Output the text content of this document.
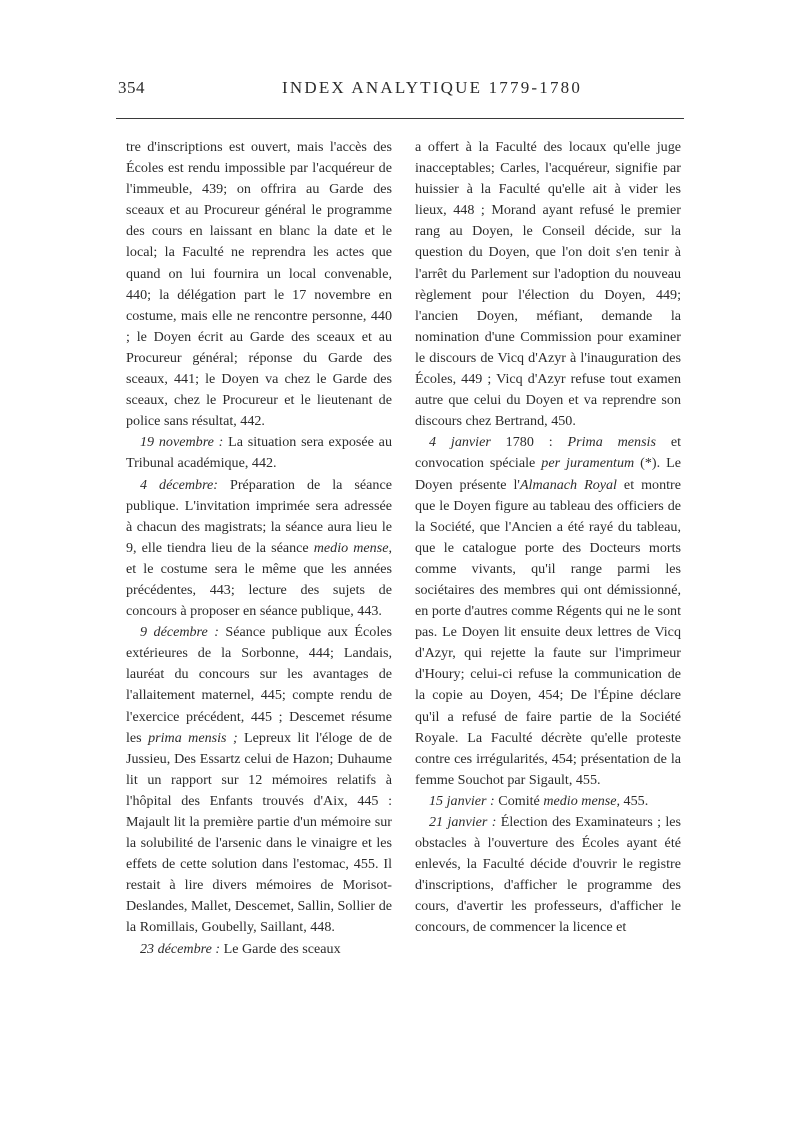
354	INDEX ANALYTIQUE 1779-1780

tre d'inscriptions est ouvert, mais l'accès des Écoles est rendu impossible par l'acquéreur de l'immeuble, 439; on offrira au Garde des sceaux et au Procureur général le programme des cours en laissant en blanc la date et le local; la Faculté ne reprendra les actes que quand on lui fournira un local convenable, 440; la délégation part le 17 novembre en costume, mais elle ne rencontre personne, 440 ; le Doyen écrit au Garde des sceaux et au Procureur général; réponse du Garde des sceaux, 441; le Doyen va chez le Garde des sceaux, chez le Procureur et le lieutenant de police sans résultat, 442.

19 novembre : La situation sera exposée au Tribunal académique, 442.

4 décembre: Préparation de la séance publique. L'invitation imprimée sera adressée à chacun des magistrats; la séance aura lieu le 9, elle tiendra lieu de la séance medio mense, et le costume sera le même que les années précédentes, 443; lecture des sujets de concours à proposer en séance publique, 443.

9 décembre : Séance publique aux Écoles extérieures de la Sorbonne, 444; Landais, lauréat du concours sur les avantages de l'allaitement maternel, 445; compte rendu de l'exercice précédent, 445 ; Descemet résume les prima mensis ; Lepreux lit l'éloge de de Jussieu, Des Essartz celui de Hazon; Duhaume lit un rapport sur 12 mémoires relatifs à l'hôpital des Enfants trouvés d'Aix, 445 : Majault lit la première partie d'un mémoire sur la solubilité de l'arsenic dans le vinaigre et les effets de cette solution dans l'estomac, 455. Il restait à lire divers mémoires de Morisot-Deslandes, Mallet, Descemet, Sallin, Sollier de la Romillais, Goubelly, Saillant, 448.

23 décembre : Le Garde des sceaux

a offert à la Faculté des locaux qu'elle juge inacceptables; Carles, l'acquéreur, signifie par huissier à la Faculté qu'elle ait à vider les lieux, 448 ; Morand ayant refusé le premier rang au Doyen, le Conseil décide, sur la question du Doyen, que l'on doit s'en tenir à l'arrêt du Parlement sur l'adoption du nouveau règlement pour l'élection du Doyen, 449; l'ancien Doyen, méfiant, demande la nomination d'une Commission pour examiner le discours de Vicq d'Azyr à l'inauguration des Écoles, 449 ; Vicq d'Azyr refuse tout examen autre que celui du Doyen et va reprendre son discours chez Bertrand, 450.

4 janvier 1780 : Prima mensis et convocation spéciale per juramentum (*). Le Doyen présente l'Almanach Royal et montre que le Doyen figure au tableau des officiers de la Société, que l'Ancien a été rayé du tableau, que le catalogue porte des Docteurs morts comme vivants, qu'il range parmi les sociétaires des membres qui ont démissionné, en porte d'autres comme Régents qui ne le sont pas. Le Doyen lit ensuite deux lettres de Vicq d'Azyr, qui rejette la faute sur l'imprimeur d'Houry; celui-ci refuse la communication de la copie au Doyen, 454; De l'Épine déclare qu'il a refusé de faire partie de la Société Royale. La Faculté décrète qu'elle proteste contre ces irrégularités, 454; présentation de la femme Souchot par Sigault, 455.

15 janvier : Comité medio mense, 455.

21 janvier : Élection des Examinateurs ; les obstacles à l'ouverture des Écoles ayant été enlevés, la Faculté décide d'ouvrir le registre d'inscriptions, d'afficher le programme des cours, d'avertir les professeurs, d'afficher le concours, de commencer la licence et
